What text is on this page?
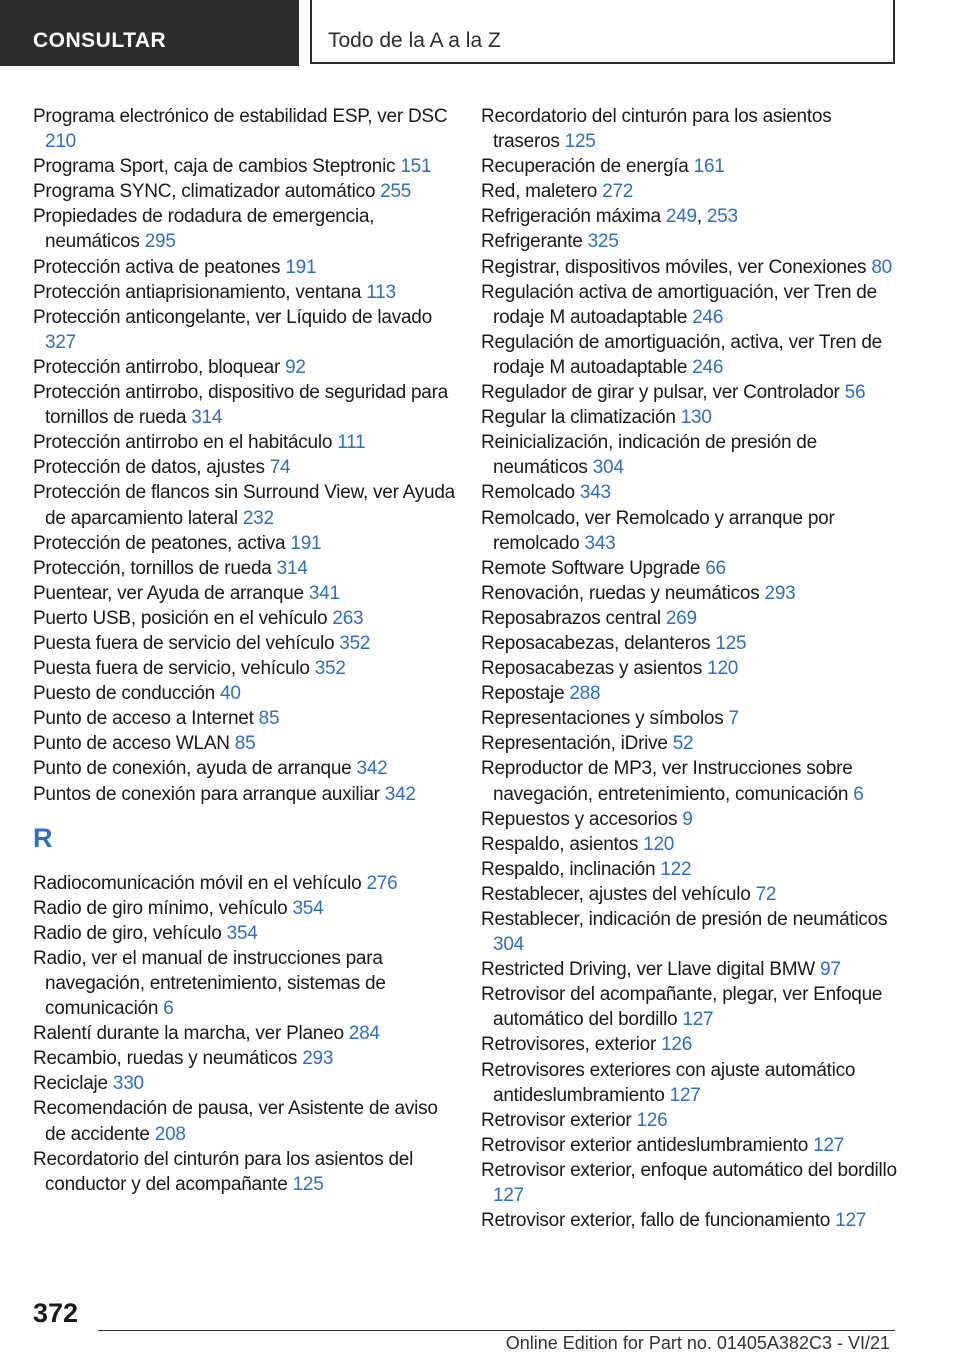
CONSULTAR	Todo de la A a la Z
Programa electrónico de estabilidad ESP, ver DSC 210
Programa Sport, caja de cambios Steptronic 151
Programa SYNC, climatizador automático 255
Propiedades de rodadura de emergencia, neumáticos 295
Protección activa de peatones 191
Protección antiaprisionamiento, ventana 113
Protección anticongelante, ver Líquido de lavado 327
Protección antirrobo, bloquear 92
Protección antirrobo, dispositivo de seguridad para tornillos de rueda 314
Protección antirrobo en el habitáculo 111
Protección de datos, ajustes 74
Protección de flancos sin Surround View, ver Ayuda de aparcamiento lateral 232
Protección de peatones, activa 191
Protección, tornillos de rueda 314
Puentear, ver Ayuda de arranque 341
Puerto USB, posición en el vehículo 263
Puesta fuera de servicio del vehículo 352
Puesta fuera de servicio, vehículo 352
Puesto de conducción 40
Punto de acceso a Internet 85
Punto de acceso WLAN 85
Punto de conexión, ayuda de arranque 342
Puntos de conexión para arranque auxiliar 342
R
Radiocomunicación móvil en el vehículo 276
Radio de giro mínimo, vehículo 354
Radio de giro, vehículo 354
Radio, ver el manual de instrucciones para navegación, entretenimiento, sistemas de comunicación 6
Ralentí durante la marcha, ver Planeo 284
Recambio, ruedas y neumáticos 293
Reciclaje 330
Recomendación de pausa, ver Asistente de aviso de accidente 208
Recordatorio del cinturón para los asientos del conductor y del acompañante 125
Recordatorio del cinturón para los asientos traseros 125
Recuperación de energía 161
Red, maletero 272
Refrigeración máxima 249, 253
Refrigerante 325
Registrar, dispositivos móviles, ver Conexiones 80
Regulación activa de amortiguación, ver Tren de rodaje M autoadaptable 246
Regulación de amortiguación, activa, ver Tren de rodaje M autoadaptable 246
Regulador de girar y pulsar, ver Controlador 56
Regular la climatización 130
Reinicialización, indicación de presión de neumáticos 304
Remolcado 343
Remolcado, ver Remolcado y arranque por remolcado 343
Remote Software Upgrade 66
Renovación, ruedas y neumáticos 293
Reposabrazos central 269
Reposacabezas, delanteros 125
Reposacabezas y asientos 120
Repostaje 288
Representaciones y símbolos 7
Representación, iDrive 52
Reproductor de MP3, ver Instrucciones sobre navegación, entretenimiento, comunicación 6
Repuestos y accesorios 9
Respaldo, asientos 120
Respaldo, inclinación 122
Restablecer, ajustes del vehículo 72
Restablecer, indicación de presión de neumáticos 304
Restricted Driving, ver Llave digital BMW 97
Retrovisor del acompañante, plegar, ver Enfoque automático del bordillo 127
Retrovisores, exterior 126
Retrovisores exteriores con ajuste automático antideslumbramiento 127
Retrovisor exterior 126
Retrovisor exterior antideslumbramiento 127
Retrovisor exterior, enfoque automático del bordillo 127
Retrovisor exterior, fallo de funcionamiento 127
372
Online Edition for Part no. 01405A382C3 - VI/21
